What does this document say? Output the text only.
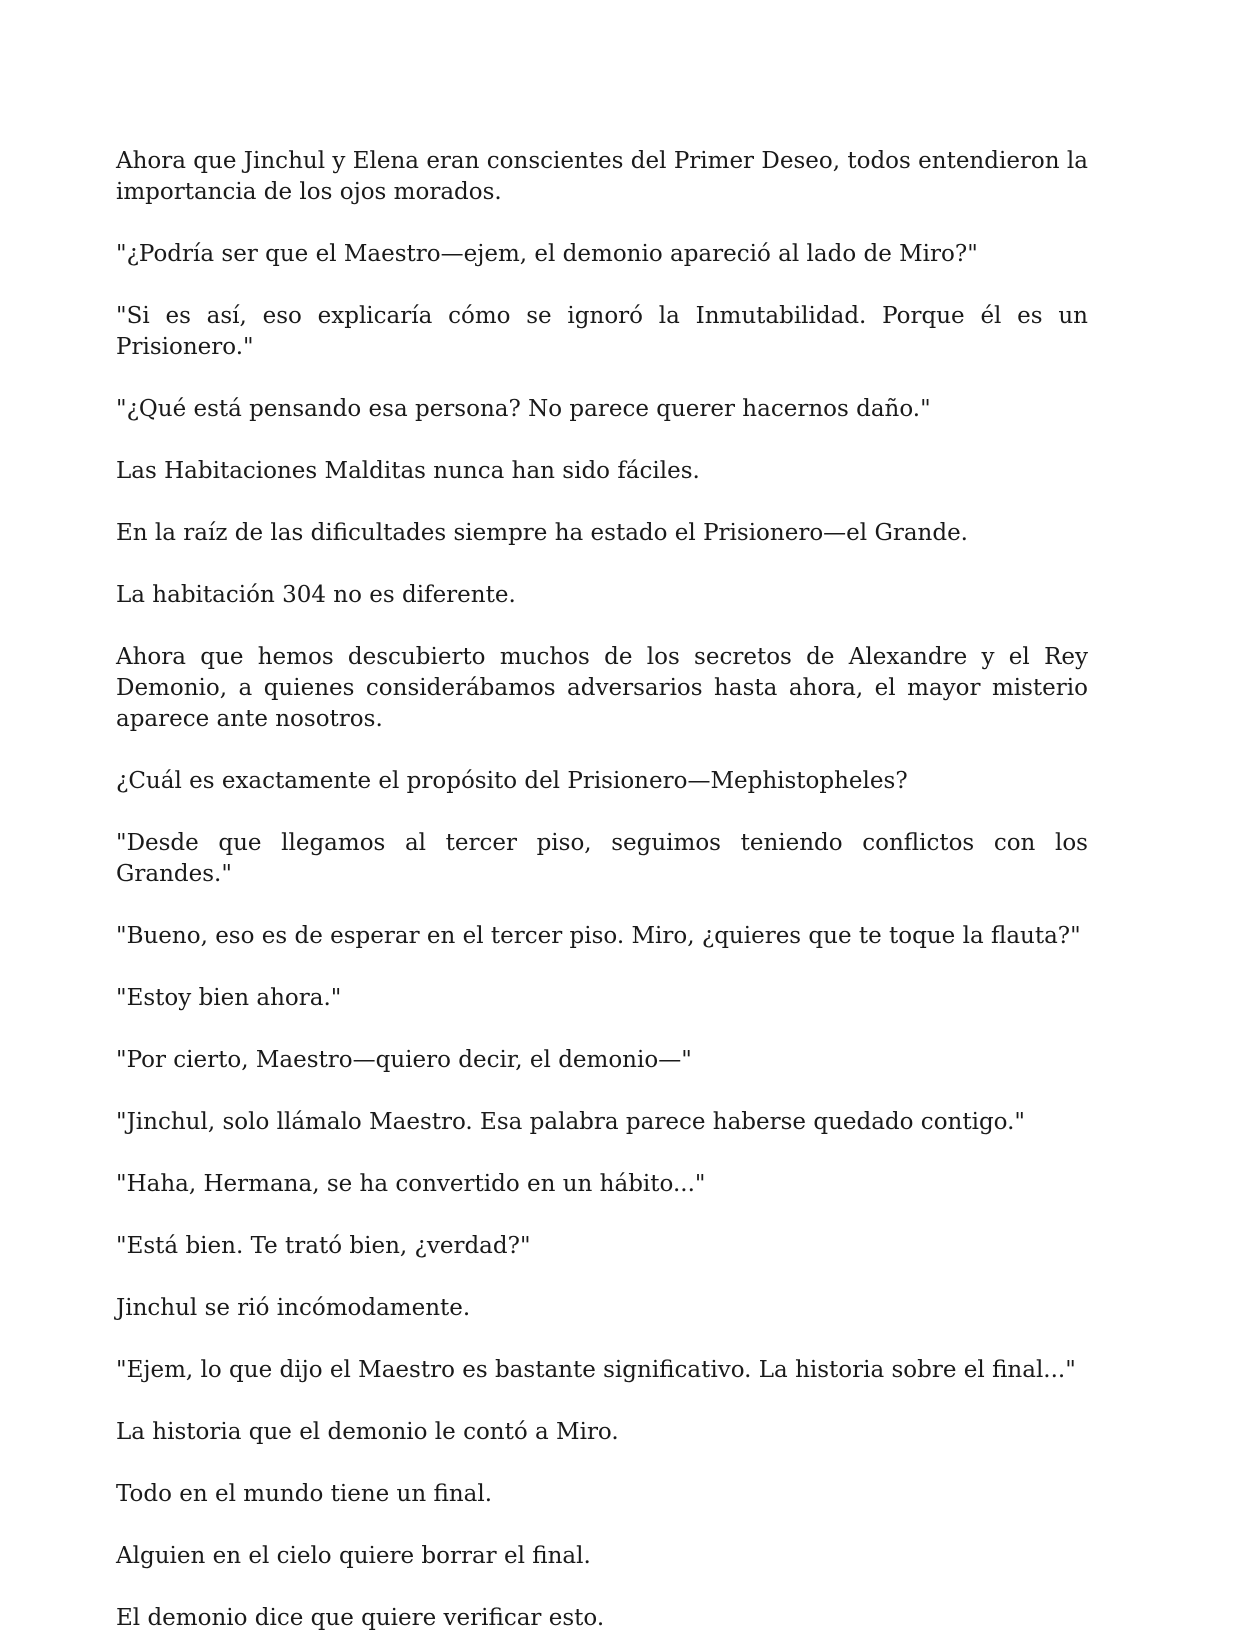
Ahora que Jinchul y Elena eran conscientes del Primer Deseo, todos entendieron la importancia de los ojos morados.

"¿Podría ser que el Maestro—ejem, el demonio apareció al lado de Miro?"

"Si es así, eso explicaría cómo se ignoró la Inmutabilidad. Porque él es un Prisionero."

"¿Qué está pensando esa persona? No parece querer hacernos daño."

Las Habitaciones Malditas nunca han sido fáciles.

En la raíz de las dificultades siempre ha estado el Prisionero—el Grande.

La habitación 304 no es diferente.

Ahora que hemos descubierto muchos de los secretos de Alexandre y el Rey Demonio, a quienes considerábamos adversarios hasta ahora, el mayor misterio aparece ante nosotros.

¿Cuál es exactamente el propósito del Prisionero—Mephistopheles?

"Desde que llegamos al tercer piso, seguimos teniendo conflictos con los Grandes."

"Bueno, eso es de esperar en el tercer piso. Miro, ¿quieres que te toque la flauta?"

"Estoy bien ahora."

"Por cierto, Maestro—quiero decir, el demonio—"

"Jinchul, solo llámalo Maestro. Esa palabra parece haberse quedado contigo."

"Haha, Hermana, se ha convertido en un hábito..."

"Está bien. Te trató bien, ¿verdad?"

Jinchul se rió incómodamente.

"Ejem, lo que dijo el Maestro es bastante significativo. La historia sobre el final..."

La historia que el demonio le contó a Miro.

Todo en el mundo tiene un final.

Alguien en el cielo quiere borrar el final.

El demonio dice que quiere verificar esto.
